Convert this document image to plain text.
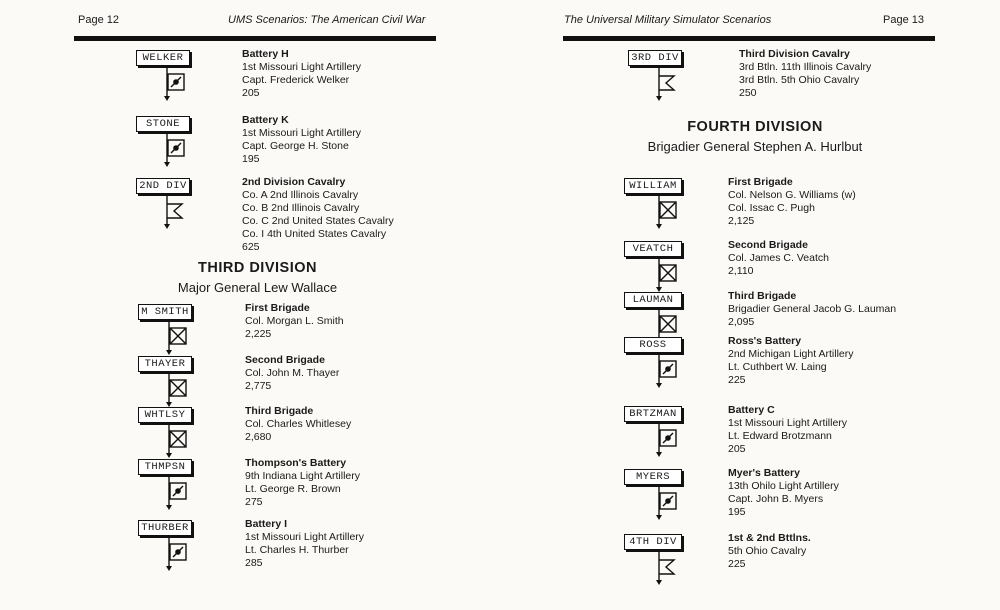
Page 12	UMS Scenarios: The American Civil War
WELKER	Battery H
1st Missouri Light Artillery
Capt. Frederick Welker
205
STONE	Battery K
1st Missouri Light Artillery
Capt. George H. Stone
195
2ND DIV	2nd Division Cavalry
Co. A 2nd Illinois Cavalry
Co. B 2nd Illinois Cavalry
Co. C 2nd United States Cavalry
Co. I 4th United States Cavalry
625
THIRD DIVISION
Major General Lew Wallace
M SMITH	First Brigade
Col. Morgan L. Smith
2,225
THAYER	Second Brigade
Col. John M. Thayer
2,775
WHTLSY	Third Brigade
Col. Charles Whitlesey
2,680
THMPSN	Thompson's Battery
9th Indiana Light Artillery
Lt. George R. Brown
275
THURBER	Battery I
1st Missouri Light Artillery
Lt. Charles H. Thurber
285
The Universal Military Simulator Scenarios	Page 13
3RD DIV	Third Division Cavalry
3rd Btln. 11th Illinois Cavalry
3rd Btln. 5th Ohio Cavalry
250
FOURTH DIVISION
Brigadier General Stephen A. Hurlbut
WILLIAM	First Brigade
Col. Nelson G. Williams (w)
Col. Issac C. Pugh
2,125
VEATCH	Second Brigade
Col. James C. Veatch
2,110
LAUMAN	Third Brigade
Brigadier General Jacob G. Lauman
2,095
ROSS	Ross's Battery
2nd Michigan Light Artillery
Lt. Cuthbert W. Laing
225
BRTZMAN	Battery C
1st Missouri Light Artillery
Lt. Edward Brotzmann
205
MYERS	Myer's Battery
13th Ohilo Light Artillery
Capt. John B. Myers
195
4TH DIV	1st & 2nd Bttlns.
5th Ohio Cavalry
225
